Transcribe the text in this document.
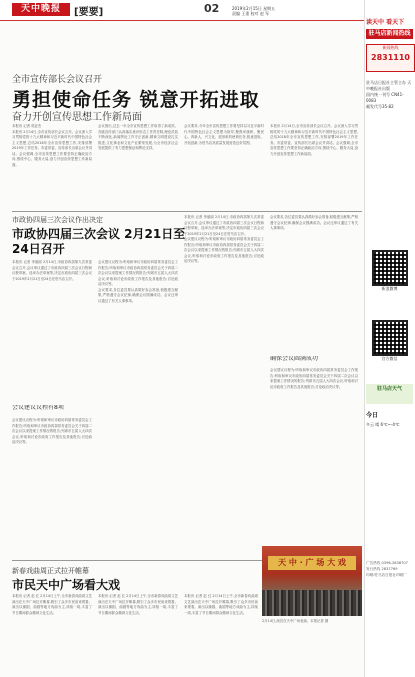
天中晚报	[要要]	02	2019年2月15日 星期五
责编 王重 校对 赵 军
全市宣传部长会议召开
勇担使命任务 锐意开拓进取
奋力开创宣传思想工作新局面
本报讯 记者 郭亚杰
本报讯 2月14日,全市宣传部长会议召开。会议深入学习贯彻党的十九大精神和习近平新时代中国特色社会主义思想,总结2018年全市宣传思想工作,安排部署2019年工作任务。市委常委、宣传部长出席会议并讲话。会议强调,全市宣传思想工作要坚持正确政治方向,围绕中心、服务大局,奋力开创宣传思想工作新局面。
会议指出,过去一年全市宣传思想工作取得了新成效。各级宣传部门认真落实意识形态工作责任制,理论武装不断深化,新闻舆论工作守正创新,精神文明建设扎实推进,文化事业和文化产业繁荣发展,为全市经济社会发展提供了有力思想保证和舆论支持。
会议要求,今年全市宣传思想工作要坚持以习近平新时代中国特色社会主义思想为指导,聚焦举旗帜、聚民心、育新人、兴文化、展形象的使命任务,锐意进取、开拓创新,为驻马店高质量发展营造良好氛围。
本报讯 2月14日,全市宣传部长会议召开。会议深入学习贯彻党的十九大精神和习近平新时代中国特色社会主义思想,总结2018年全市宣传思想工作,安排部署2019年工作任务。市委常委、宣传部长出席会议并讲话。会议强调,全市宣传思想工作要坚持正确政治方向,围绕中心、服务大局,奋力开创宣传思想工作新局面。
市政协四届三次会议作出决定
市政协四届三次会议 2月21日至24日召开
本报讯 记者 李丽丽 2月14日,市政协四届第九次常委会议召开,会议审议通过了市政协四届三次会议日程和议程草案、选举办法草案等,决定市政协四届三次会议于2019年2月21日至24日在驻马店召开。
会议建议议程有8项
会议建议议程为:听取和审议市政协四届常务委员会工作报告;听取和审议市政协四届常务委员会关于四届二次会议以来提案工作情况的报告;列席市五届人大四次会议,听取和讨论市政府工作报告及其他报告;讨论政治决议等。
会议建议议程为:听取和审议市政协四届常务委员会工作报告;听取和审议市政协四届常务委员会关于四届二次会议以来提案工作情况的报告;列席市五届人大四次会议,听取和讨论市政府工作报告及其他报告;讨论政治决议等。
会议要求,各位委员要认真做好参会准备,积极建言献策,严格遵守会议纪律,确保会议圆满成功。会议还审议通过了有关人事事项。
本报讯 记者 李丽丽 2月14日,市政协四届第九次常委会议召开,会议审议通过了市政协四届三次会议日程和议程草案、选举办法草案等,决定市政协四届三次会议于2019年2月21日至24日在驻马店召开。
会议建议议程为:听取和审议市政协四届常务委员会工作报告;听取和审议市政协四届常务委员会关于四届二次会议以来提案工作情况的报告;列席市五届人大四次会议,听取和讨论市政府工作报告及其他报告;讨论政治决议等。
会议要求,各位委员要认真做好参会准备,积极建言献策,严格遵守会议纪律,确保会议圆满成功。会议还审议通过了有关人事事项。
确保会议圆满成功
会议建议议程为:听取和审议市政协四届常务委员会工作报告;听取和审议市政协四届常务委员会关于四届二次会议以来提案工作情况的报告;列席市五届人大四次会议,听取和讨论市政府工作报告及其他报告;讨论政治决议等。
新春戏曲周正式拉开帷幕
市民天中广场看大戏
本报讯 记者 赵 红 2月14日上午,全市新春戏曲周文艺演出在天中广场拉开帷幕,吸引了众多市民前来观看。演出以豫剧、曲剧等地方戏曲为主,持续一周,丰富了节日期间群众精神文化生活。
本报讯 记者 赵 红 2月14日上午,全市新春戏曲周文艺演出在天中广场拉开帷幕,吸引了众多市民前来观看。演出以豫剧、曲剧等地方戏曲为主,持续一周,丰富了节日期间群众精神文化生活。
本报讯 记者 赵 红 2月14日上午,全市新春戏曲周文艺演出在天中广场拉开帷幕,吸引了众多市民前来观看。演出以豫剧、曲剧等地方戏曲为主,持续一周,丰富了节日期间群众精神文化生活。
天 中 · 广 场 大 戏
2月14日,演员在天中广场表演。本报记者 摄
读天中 看天下
驻马店新闻热线
新闻热线
2831110
驻马店日报社主管主办 天中晚报社出版
国内统一刊号 CN41-0083
邮发代号35-82
新浪微博
官方微信
驻马店天气
今日
多云 晴 6℃~-4℃
广告热线 0396-2838707
发行热线 2837769
印刷:驻马店日报社印刷厂
